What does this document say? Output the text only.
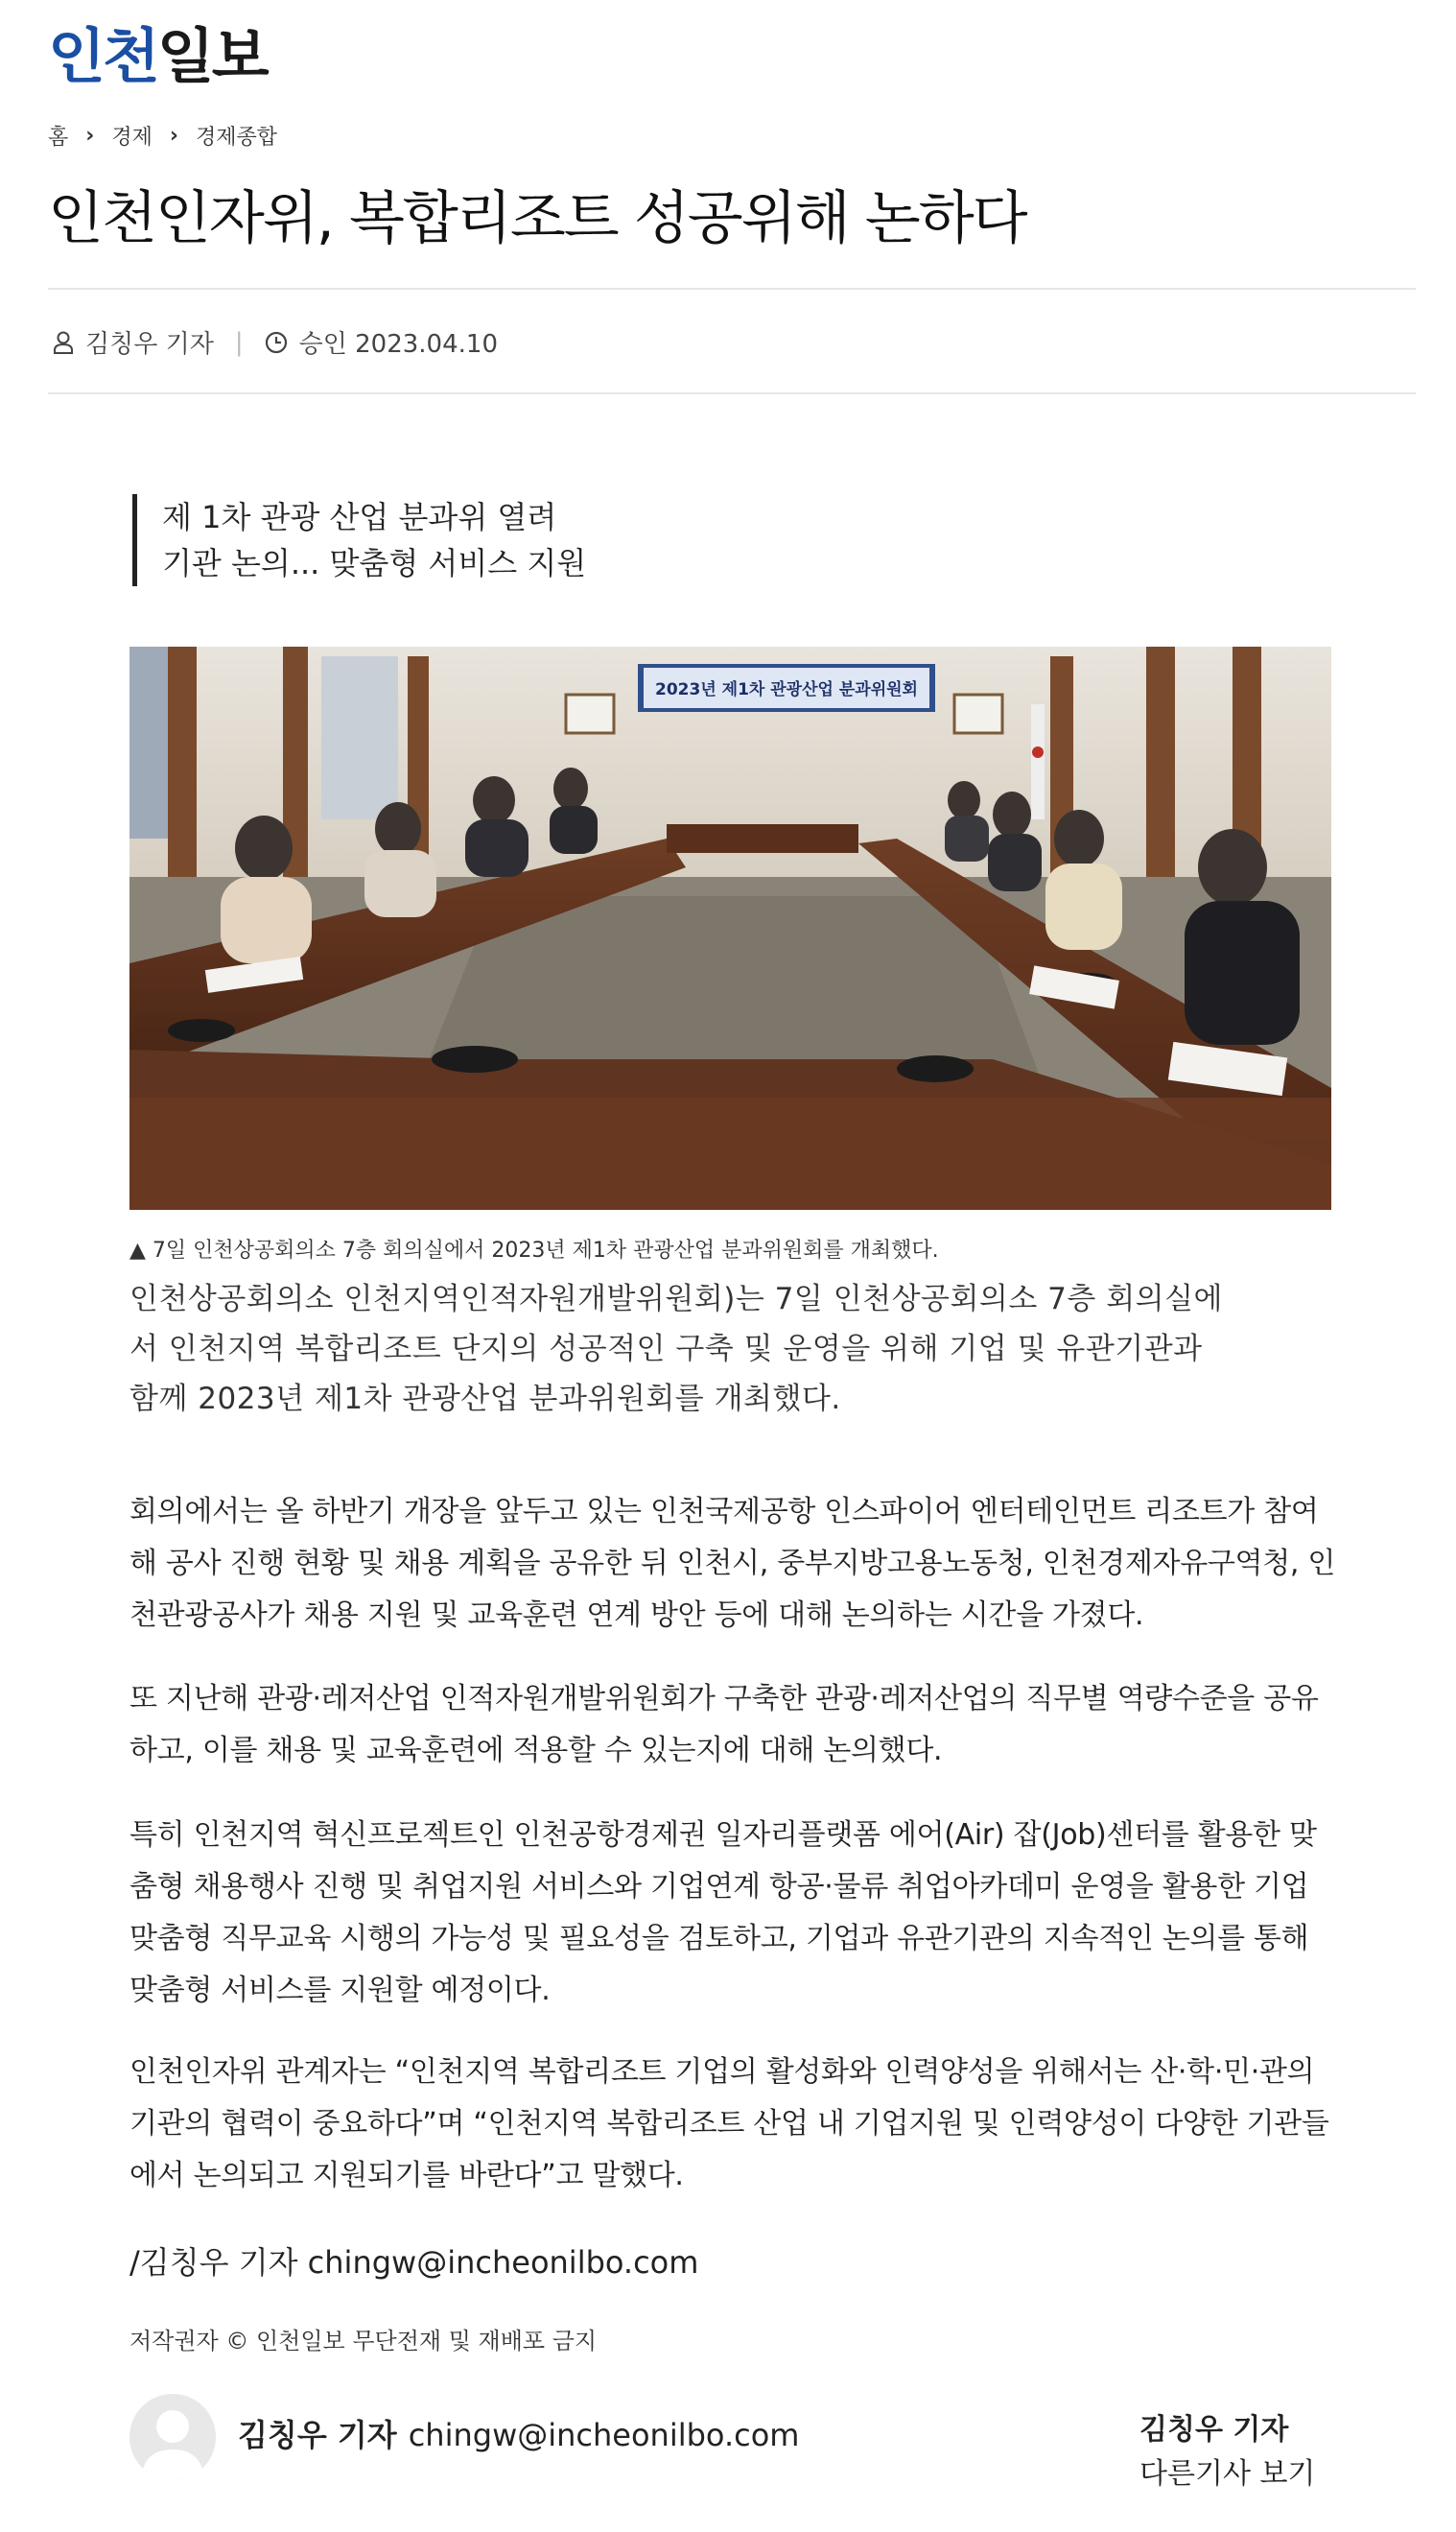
인천일보
홈 › 경제 › 경제종합
인천인자위, 복합리조트 성공위해 논하다
김칭우 기자 | 승인 2023.04.10
제 1차 관광 산업 분과위 열려
기관 논의... 맞춤형 서비스 지원
2023년 제1차 관광산업 분과위원회
▲ 7일 인천상공회의소 7층 회의실에서 2023년 제1차 관광산업 분과위원회를 개최했다.
인천상공회의소 인천지역인적자원개발위원회)는 7일 인천상공회의소 7층 회의실에
서 인천지역 복합리조트 단지의 성공적인 구축 및 운영을 위해 기업 및 유관기관과
함께 2023년 제1차 관광산업 분과위원회를 개최했다.
회의에서는 올 하반기 개장을 앞두고 있는 인천국제공항 인스파이어 엔터테인먼트 리조트가 참여
해 공사 진행 현황 및 채용 계획을 공유한 뒤 인천시, 중부지방고용노동청, 인천경제자유구역청, 인
천관광공사가 채용 지원 및 교육훈련 연계 방안 등에 대해 논의하는 시간을 가졌다.
또 지난해 관광·레저산업 인적자원개발위원회가 구축한 관광·레저산업의 직무별 역량수준을 공유
하고, 이를 채용 및 교육훈련에 적용할 수 있는지에 대해 논의했다.
특히 인천지역 혁신프로젝트인 인천공항경제권 일자리플랫폼 에어(Air) 잡(Job)센터를 활용한 맞
춤형 채용행사 진행 및 취업지원 서비스와 기업연계 항공·물류 취업아카데미 운영을 활용한 기업
맞춤형 직무교육 시행의 가능성 및 필요성을 검토하고, 기업과 유관기관의 지속적인 논의를 통해
맞춤형 서비스를 지원할 예정이다.
인천인자위 관계자는 “인천지역 복합리조트 기업의 활성화와 인력양성을 위해서는 산·학·민·관의
기관의 협력이 중요하다”며 “인천지역 복합리조트 산업 내 기업지원 및 인력양성이 다양한 기관들
에서 논의되고 지원되기를 바란다”고 말했다.
/김칭우 기자 chingw@incheonilbo.com
저작권자 © 인천일보 무단전재 및 재배포 금지
김칭우 기자 chingw@incheonilbo.com	김칭우 기자
다른기사 보기
